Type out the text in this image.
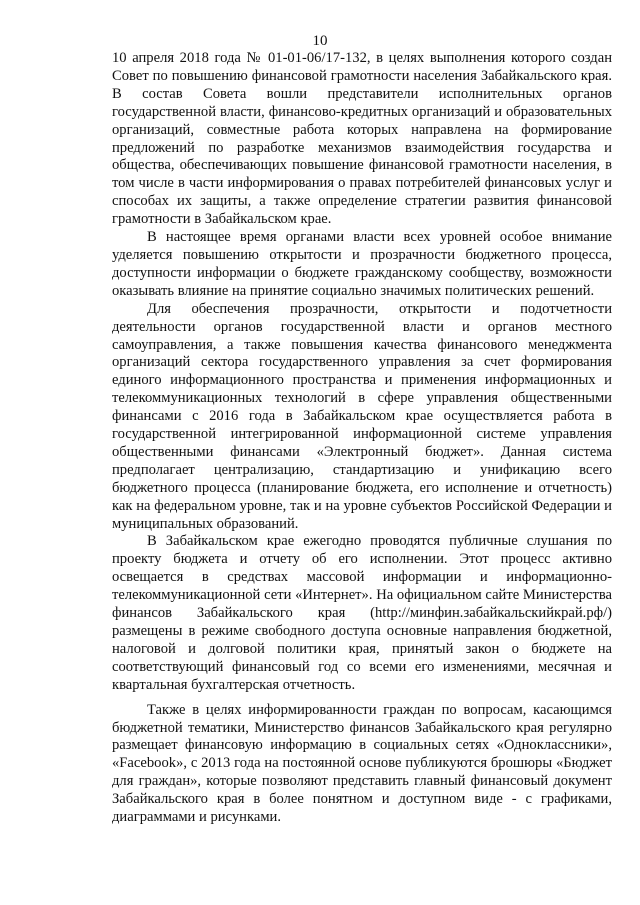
10

10 апреля 2018 года № 01-01-06/17-132, в целях выполнения которого создан Совет по повышению финансовой грамотности населения Забайкальского края. В состав Совета вошли представители исполнительных органов государственной власти, финансово-кредитных организаций и образовательных организаций, совместные работа которых направлена на формирование предложений по разработке механизмов взаимодействия государства и общества, обеспечивающих повышение финансовой грамотности населения, в том числе в части информирования о правах потребителей финансовых услуг и способах их защиты, а также определение стратегии развития финансовой грамотности в Забайкальском крае.

В настоящее время органами власти всех уровней особое внимание уделяется повышению открытости и прозрачности бюджетного процесса, доступности информации о бюджете гражданскому сообществу, возможности оказывать влияние на принятие социально значимых политических решений.

Для обеспечения прозрачности, открытости и подотчетности деятельности органов государственной власти и органов местного самоуправления, а также повышения качества финансового менеджмента организаций сектора государственного управления за счет формирования единого информационного пространства и применения информационных и телекоммуникационных технологий в сфере управления общественными финансами с 2016 года в Забайкальском крае осуществляется работа в государственной интегрированной информационной системе управления общественными финансами «Электронный бюджет». Данная система предполагает централизацию, стандартизацию и унификацию всего бюджетного процесса (планирование бюджета, его исполнение и отчетность) как на федеральном уровне, так и на уровне субъектов Российской Федерации и муниципальных образований.

В Забайкальском крае ежегодно проводятся публичные слушания по проекту бюджета и отчету об его исполнении. Этот процесс активно освещается в средствах массовой информации и информационно-телекоммуникационной сети «Интернет». На официальном сайте Министерства финансов Забайкальского края (http://минфин.забайкальскийкрай.рф/) размещены в режиме свободного доступа основные направления бюджетной, налоговой и долговой политики края, принятый закон о бюджете на соответствующий финансовый год со всеми его изменениями, месячная и квартальная бухгалтерская отчетность.

Также в целях информированности граждан по вопросам, касающимся бюджетной тематики, Министерство финансов Забайкальского края регулярно размещает финансовую информацию в социальных сетях «Одноклассники», «Facebook», с 2013 года на постоянной основе публикуются брошюры «Бюджет для граждан», которые позволяют представить главный финансовый документ Забайкальского края в более понятном и доступном виде - с графиками, диаграммами и рисунками.
